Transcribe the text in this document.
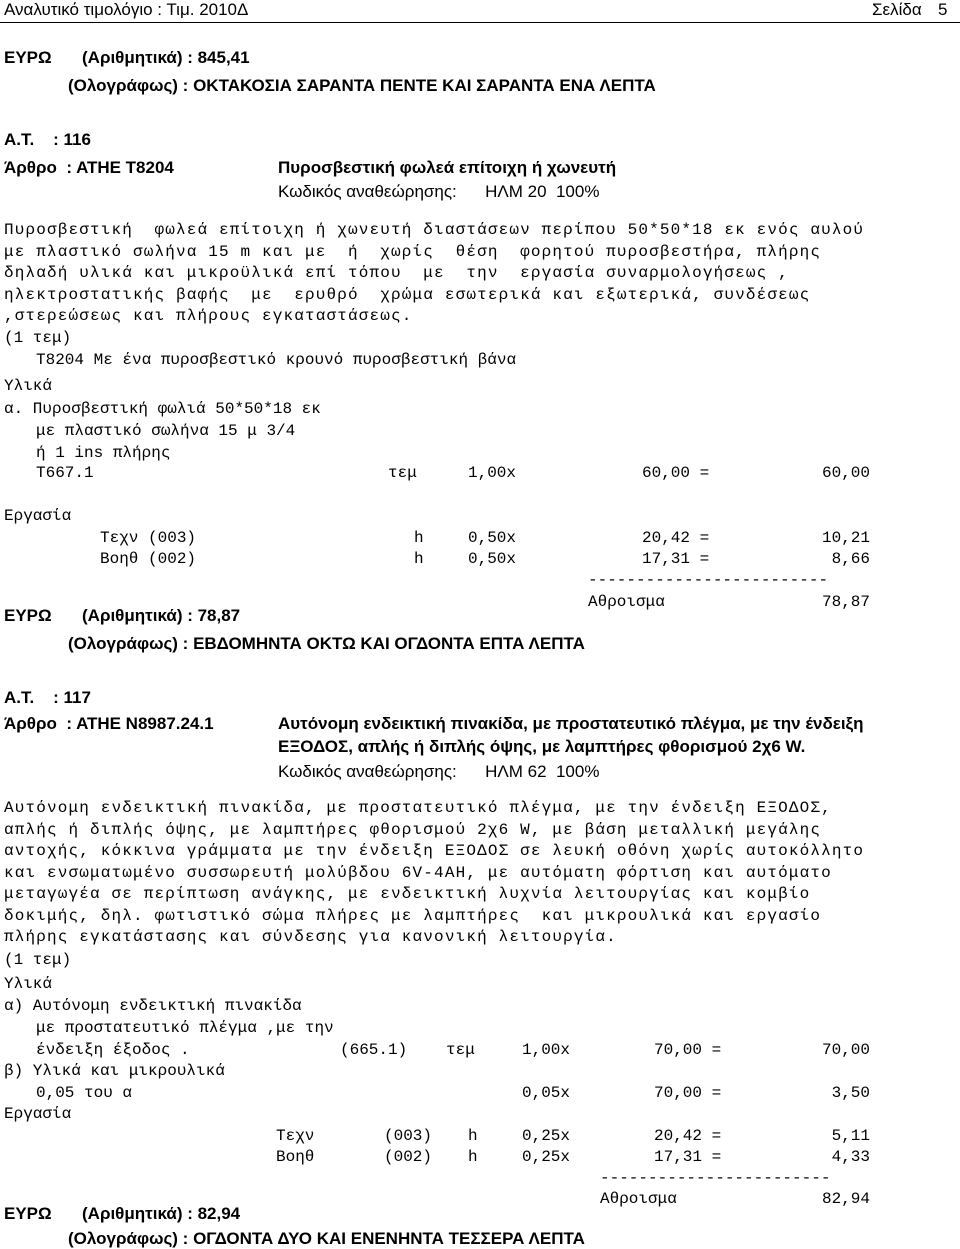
Αναλυτικό τιμολόγιο : Τιμ. 2010Δ	Σελίδα 5
ΕΥΡΩ (Αριθμητικά) : 845,41
(Ολογράφως) : ΟΚΤΑΚΟΣΙΑ ΣΑΡΑΝΤΑ ΠΕΝΤΕ ΚΑΙ ΣΑΡΑΝΤΑ ΕΝΑ ΛΕΠΤΑ
Α.Τ.    : 116
Άρθρο  : ΑΤΗΕ Τ8204	Πυροσβεστική φωλεά επίτοιχη ή χωνευτή
Κωδικός αναθεώρησης:      ΗΛΜ 20  100%
Πυροσβεστική  φωλεά επίτοιχη ή χωνευτή διαστάσεων περίπου 50*50*18 εκ ενός αυλού
με πλαστικό σωλήνα 15 m και με  ή  χωρίς  θέση  φορητού πυροσβεστήρα, πλήρης
δηλαδή υλικά και μικροϋλικά επί τόπου  με  την  εργασία συναρμολογήσεως ,
ηλεκτροστατικής βαφής  με  ερυθρό  χρώμα εσωτερικά και εξωτερικά, συνδέσεως
,στερεώσεως και πλήρους εγκαταστάσεως.
(1 τεμ)
Τ8204 Με ένα πυροσβεστικό κρουνό πυροσβεστική βάνα
Υλικά
α. Πυροσβεστική φωλιά 50*50*18 εκ
με πλαστικό σωλήνα 15 μ 3/4
ή 1 ins πλήρης
Τ667.1	τεμ	1,00x	60,00 =	60,00
Εργασία
Τεχν (003)	h	0,50x	20,42 =	10,21
Βοηθ (002)	h	0,50x	17,31 =	8,66
-------------------------
Αθροισμα	78,87
ΕΥΡΩ (Αριθμητικά) : 78,87
(Ολογράφως) : ΕΒΔΟΜΗΝΤΑ ΟΚΤΩ ΚΑΙ ΟΓΔΟΝΤΑ ΕΠΤΑ ΛΕΠΤΑ
Α.Τ.    : 117
Άρθρο  : ΑΤΗΕ Ν8987.24.1	Αυτόνομη ενδεικτική πινακίδα, με προστατευτικό πλέγμα, με την ένδειξη
ΕΞΟΔΟΣ, απλής ή διπλής όψης, με λαμπτήρες φθορισμού 2χ6 W.
Κωδικός αναθεώρησης:      ΗΛΜ 62  100%
Αυτόνομη ενδεικτική πινακίδα, με προστατευτικό πλέγμα, με την ένδειξη ΕΞΟΔΟΣ,
απλής ή διπλής όψης, με λαμπτήρες φθορισμού 2χ6 W, με βάση μεταλλική μεγάλης
αντοχής, κόκκινα γράμματα με την ένδειξη ΕΞΟΔΟΣ σε λευκή οθόνη χωρίς αυτοκόλλητο
και ενσωματωμένο συσσωρευτή μολύβδου 6V-4AH, με αυτόματη φόρτιση και αυτόματο
μεταγωγέα σε περίπτωση ανάγκης, με ενδεικτική λυχνία λειτουργίας και κομβίο
δοκιμής, δηλ. φωτιστικό σώμα πλήρες με λαμπτήρες  και μικρουλικά και εργασίο
πλήρης εγκατάστασης και σύνδεσης για κανονική λειτουργία.
(1 τεμ)
Υλικά
α) Αυτόνομη ενδεικτική πινακίδα
με προστατευτικό πλέγμα ,με την
ένδειξη έξοδος .	(665.1) τεμ	1,00x	70,00 =	70,00
β) Υλικά και μικρουλικά
0,05 του α	0,05x	70,00 =	3,50
Εργασία
Τεχν	(003) h	0,25x	20,42 =	5,11
Βοηθ	(002) h	0,25x	17,31 =	4,33
------------------------
Αθροισμα	82,94
ΕΥΡΩ (Αριθμητικά) : 82,94
(Ολογράφως) : ΟΓΔΟΝΤΑ ΔΥΟ ΚΑΙ ΕΝΕΝΗΝΤΑ ΤΕΣΣΕΡΑ ΛΕΠΤΑ
